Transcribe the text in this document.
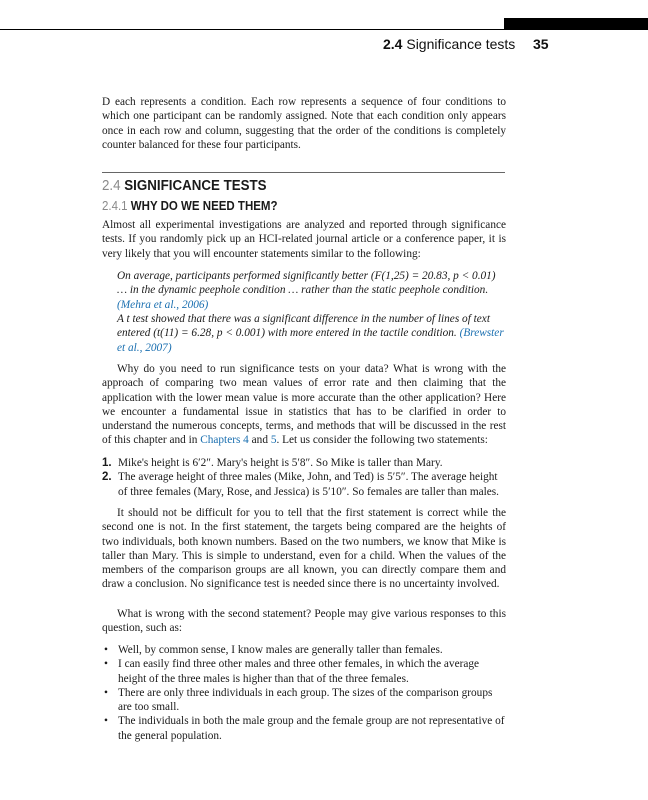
2.4 Significance tests 35

D each represents a condition. Each row represents a sequence of four conditions to which one participant can be randomly assigned. Note that each condition only appears once in each row and column, suggesting that the order of the conditions is completely counter balanced for these four participants.

2.4 SIGNIFICANCE TESTS
2.4.1 WHY DO WE NEED THEM?

Almost all experimental investigations are analyzed and reported through significance tests. If you randomly pick up an HCI-related journal article or a conference paper, it is very likely that you will encounter statements similar to the following:

On average, participants performed significantly better (F(1,25) = 20.83, p < 0.01) … in the dynamic peephole condition … rather than the static peephole condition. (Mehra et al., 2006)

A t test showed that there was a significant difference in the number of lines of text entered (t(11) = 6.28, p < 0.001) with more entered in the tactile condition. (Brewster et al., 2007)

Why do you need to run significance tests on your data? What is wrong with the approach of comparing two mean values of error rate and then claiming that the application with the lower mean value is more accurate than the other application? Here we encounter a fundamental issue in statistics that has to be clarified in order to understand the numerous concepts, terms, and methods that will be discussed in the rest of this chapter and in Chapters 4 and 5. Let us consider the following two statements:

1. Mike's height is 6′2″. Mary's height is 5′8″. So Mike is taller than Mary.
2. The average height of three males (Mike, John, and Ted) is 5′5″. The average height of three females (Mary, Rose, and Jessica) is 5′10″. So females are taller than males.

It should not be difficult for you to tell that the first statement is correct while the second one is not. In the first statement, the targets being compared are the heights of two individuals, both known numbers. Based on the two numbers, we know that Mike is taller than Mary. This is simple to understand, even for a child. When the values of the members of the comparison groups are all known, you can directly compare them and draw a conclusion. No significance test is needed since there is no uncertainty involved.

What is wrong with the second statement? People may give various responses to this question, such as:

• Well, by common sense, I know males are generally taller than females.
• I can easily find three other males and three other females, in which the average height of the three males is higher than that of the three females.
• There are only three individuals in each group. The sizes of the comparison groups are too small.
• The individuals in both the male group and the female group are not representative of the general population.
